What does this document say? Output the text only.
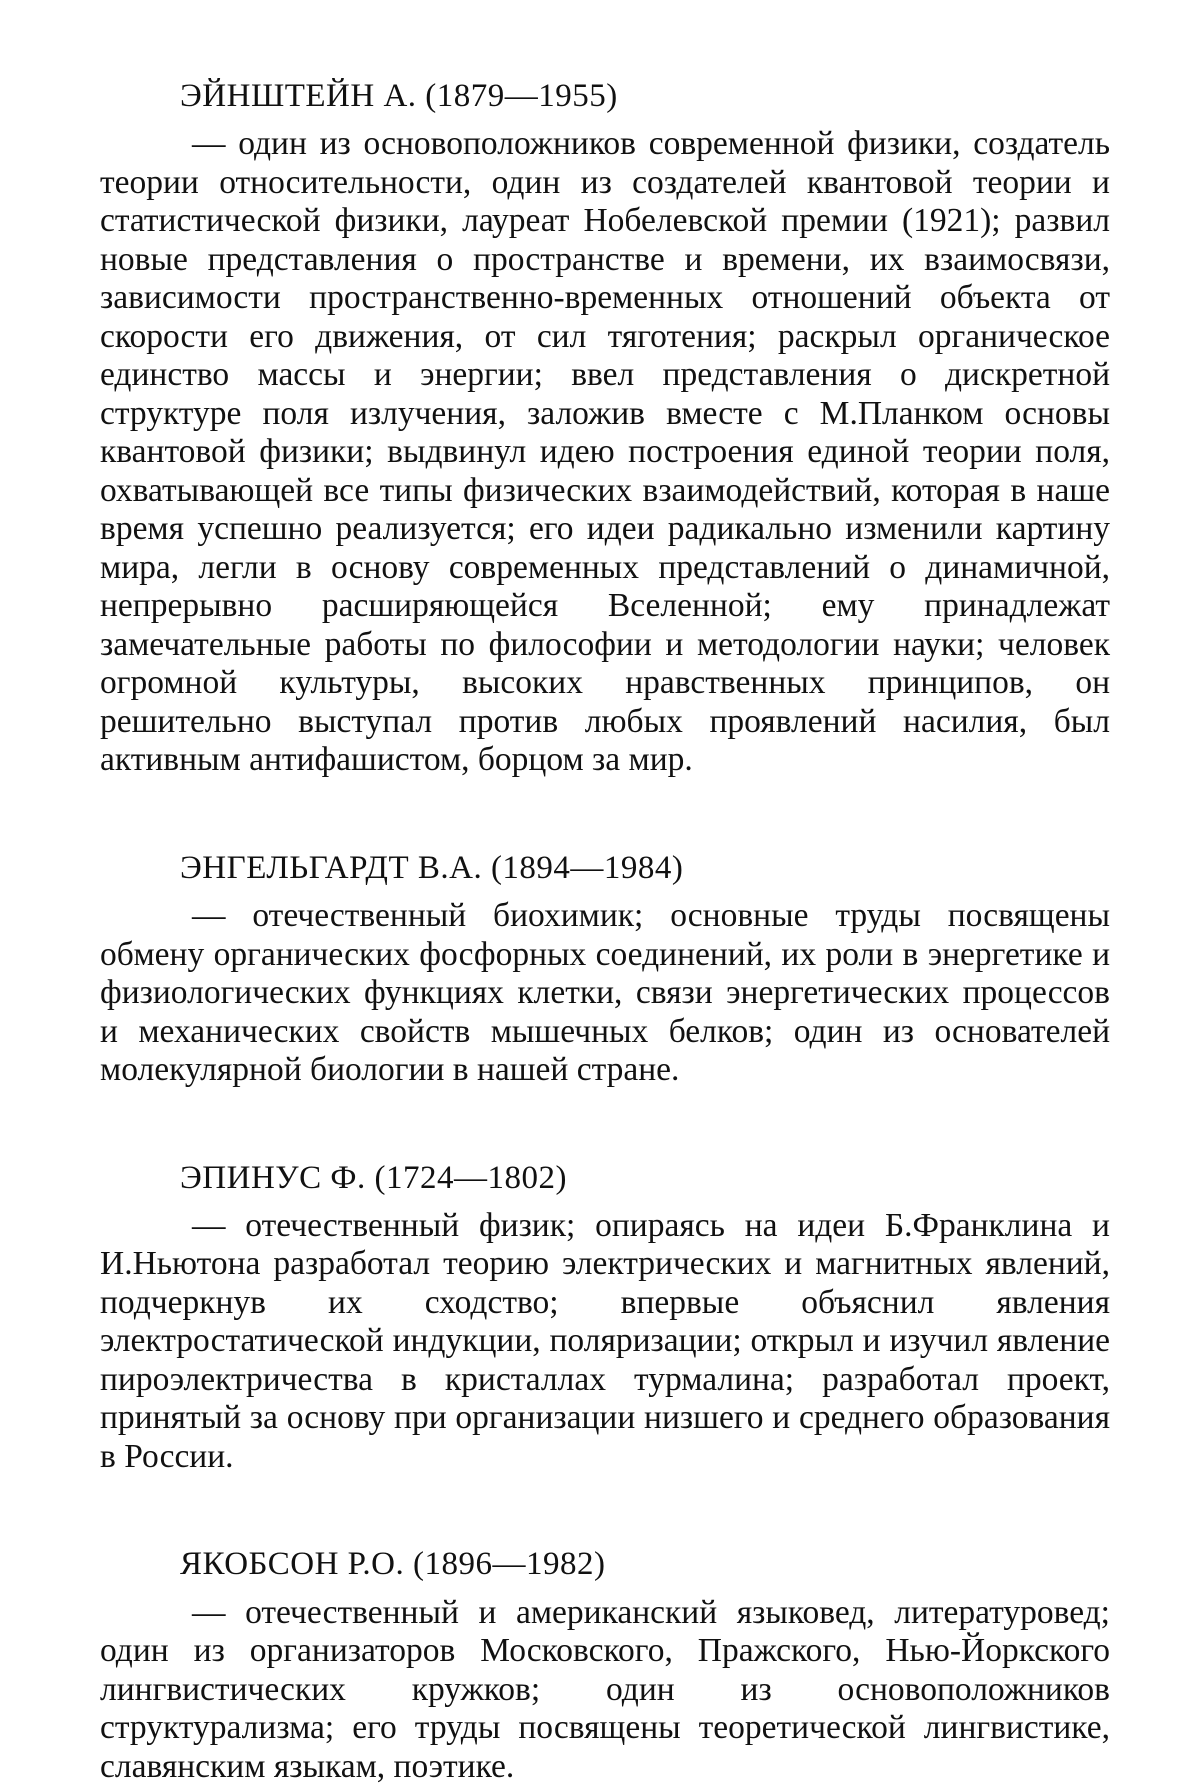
ЭЙНШТЕЙН А. (1879—1955)

— один из основоположников современной физики, создатель теории относительности, один из создателей квантовой теории и статистической физики, лауреат Нобелевской премии (1921); развил новые представления о пространстве и времени, их взаимосвязи, зависимости пространственно-временных отношений объекта от скорости его движения, от сил тяготения; раскрыл органическое единство массы и энергии; ввел представления о дискретной структуре поля излучения, заложив вместе с М.Планком основы квантовой физики; выдвинул идею построения единой теории поля, охватывающей все типы физических взаимодействий, которая в наше время успешно реализуется; его идеи радикально изменили картину мира, легли в основу современных представлений о динамичной, непрерывно расширяющейся Вселенной; ему принадлежат замечательные работы по философии и методологии науки; человек огромной культуры, высоких нравственных принципов, он решительно выступал против любых проявлений насилия, был активным антифашистом, борцом за мир.

ЭНГЕЛЬГАРДТ В.А. (1894—1984)

— отечественный биохимик; основные труды посвящены обмену органических фосфорных соединений, их роли в энергетике и физиологических функциях клетки, связи энергетических процессов и механических свойств мышечных белков; один из основателей молекулярной биологии в нашей стране.

ЭПИНУС Ф. (1724—1802)

— отечественный физик; опираясь на идеи Б.Франклина и И.Ньютона разработал теорию электрических и магнитных явлений, подчеркнув их сходство; впервые объяснил явления электростатической индукции, поляризации; открыл и изучил явление пироэлектричества в кристаллах турмалина; разработал проект, принятый за основу при организации низшего и среднего образования в России.

ЯКОБСОН Р.О. (1896—1982)

— отечественный и американский языковед, литературовед; один из организаторов Московского, Пражского, Нью-Йоркского лингвистических кружков; один из основоположников структурализма; его труды посвящены теоретической лингвистике, славянским языкам, поэтике.
